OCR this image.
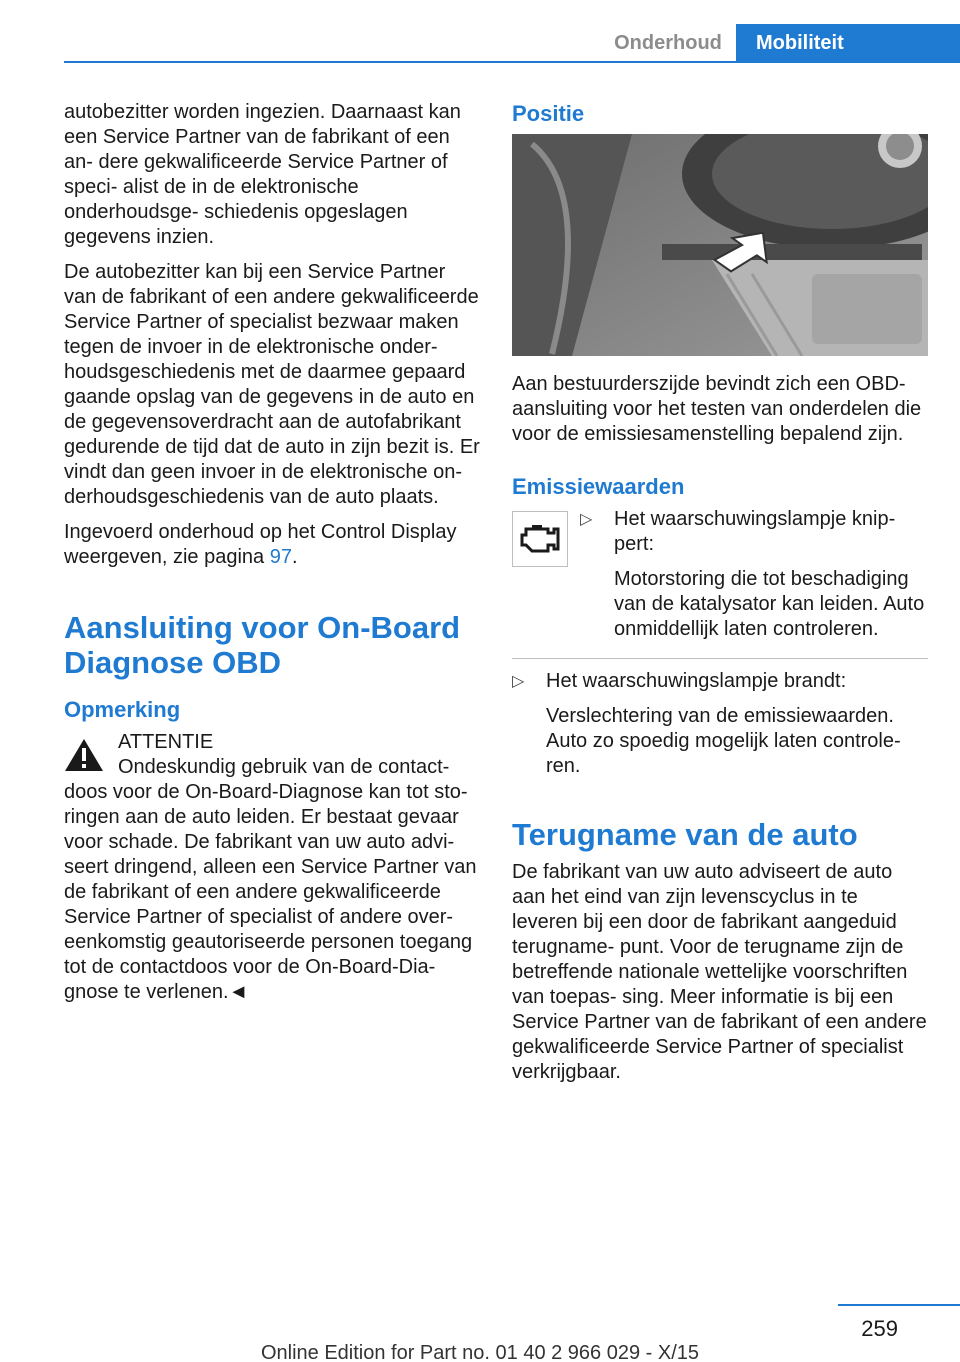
Onderhoud	Mobiliteit

autobezitter worden ingezien. Daarnaast kan een Service Partner van de fabrikant of een an- dere gekwalificeerde Service Partner of speci- alist de in de elektronische onderhoudsge- schiedenis opgeslagen gegevens inzien.

De autobezitter kan bij een Service Partner van de fabrikant of een andere gekwalificeerde Service Partner of specialist bezwaar maken tegen de invoer in de elektronische onder- houdsgeschiedenis met de daarmee gepaard gaande opslag van de gegevens in de auto en de gegevensoverdracht aan de autofabrikant gedurende de tijd dat de auto in zijn bezit is. Er vindt dan geen invoer in de elektronische on- derhoudsgeschiedenis van de auto plaats.

Ingevoerd onderhoud op het Control Display weergeven, zie pagina 97.

Aansluiting voor On-Board Diagnose OBD
Opmerking
ATTENTIE

Ondeskundig gebruik van de contact- doos voor de On-Board-Diagnose kan tot sto- ringen aan de auto leiden. Er bestaat gevaar voor schade. De fabrikant van uw auto advi- seert dringend, alleen een Service Partner van de fabrikant of een andere gekwalificeerde Service Partner of specialist of andere over- eenkomstig geautoriseerde personen toegang tot de contactdoos voor de On-Board-Dia- gnose te verlenen.◄

Positie

Aan bestuurderszijde bevindt zich een OBD- aansluiting voor het testen van onderdelen die voor de emissiesamenstelling bepalend zijn.

Emissiewaarden
▷ Het waarschuwingslampje knip- pert:

Motorstoring die tot beschadiging van de katalysator kan leiden. Auto onmiddellijk laten controleren.

▷ Het waarschuwingslampje brandt:

Verslechtering van de emissiewaarden. Auto zo spoedig mogelijk laten controle- ren.

Terugname van de auto

De fabrikant van uw auto adviseert de auto aan het eind van zijn levenscyclus in te leveren bij een door de fabrikant aangeduid terugname- punt. Voor de terugname zijn de betreffende nationale wettelijke voorschriften van toepas- sing. Meer informatie is bij een Service Partner van de fabrikant of een andere gekwalificeerde Service Partner of specialist verkrijgbaar.

259
Online Edition for Part no. 01 40 2 966 029 - X/15
